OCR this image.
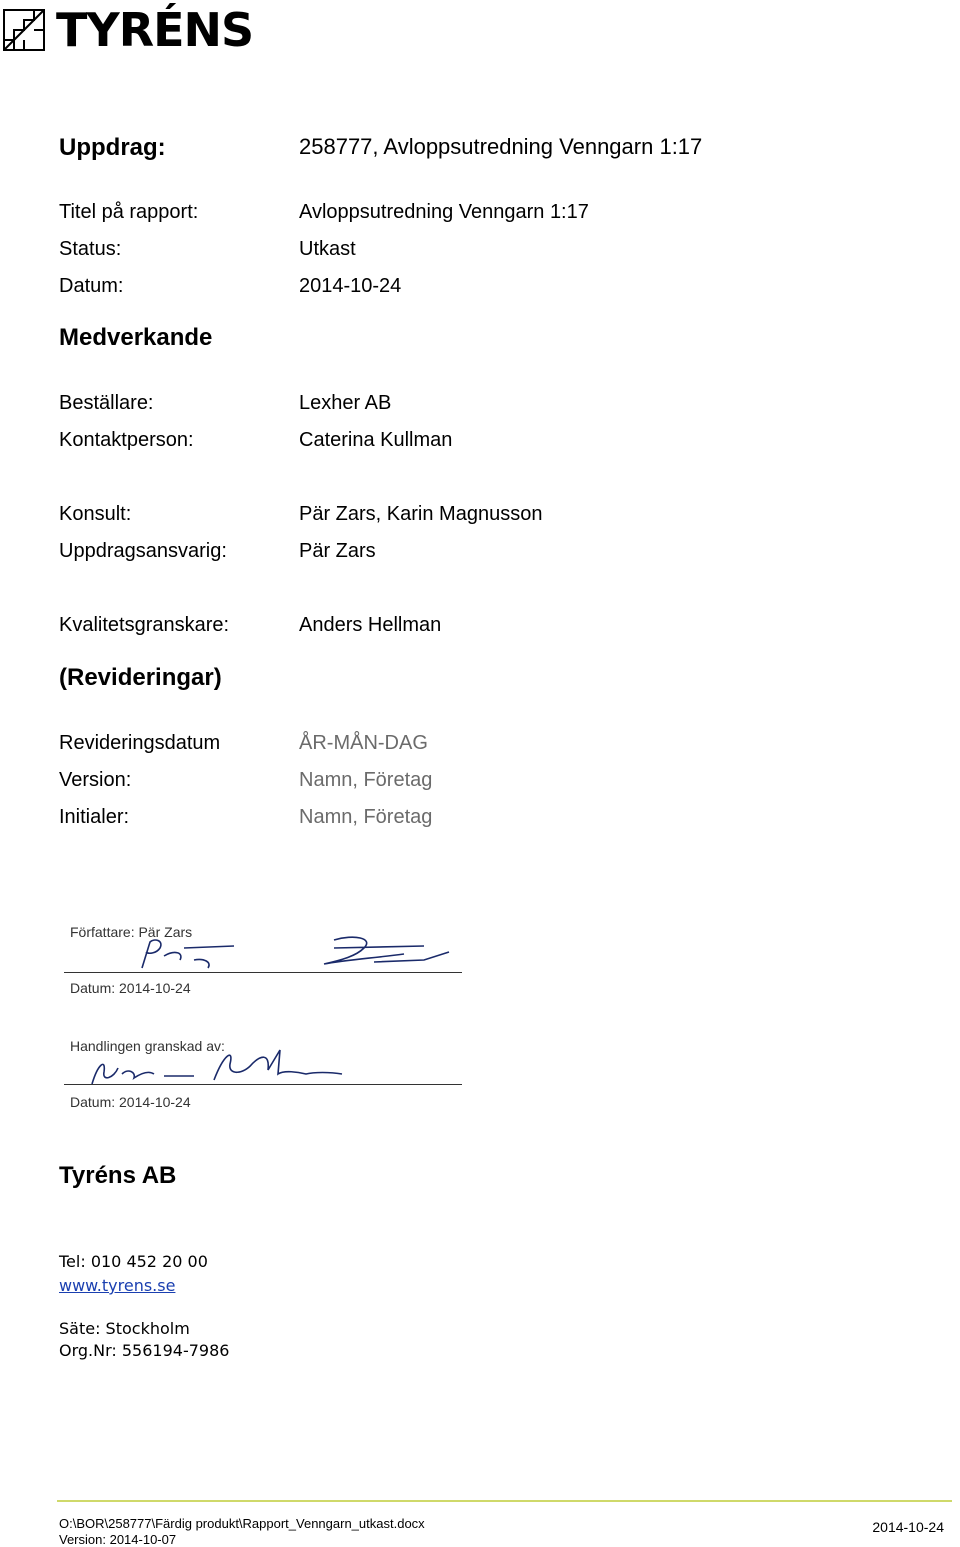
TYRÉNS
Uppdrag:	258777, Avloppsutredning Venngarn 1:17
Titel på rapport:	Avloppsutredning Venngarn 1:17
Status:	Utkast
Datum:	2014-10-24
Medverkande
Beställare:	Lexher AB
Kontaktperson:	Caterina Kullman
Konsult:	Pär Zars, Karin Magnusson
Uppdragsansvarig:	Pär Zars
Kvalitetsgranskare:	Anders Hellman
(Revideringar)
Revideringsdatum	ÅR-MÅN-DAG
Version:	Namn, Företag
Initialer:	Namn, Företag
Författare: Pär Zars
Datum: 2014-10-24
Handlingen granskad av:
Datum: 2014-10-24
Tyréns AB
Tel: 010 452 20 00
www.tyrens.se
Säte: Stockholm
Org.Nr: 556194-7986
O:\BOR\258777\Färdig produkt\Rapport_Venngarn_utkast.docx
Version: 2014-10-07
2014-10-24
